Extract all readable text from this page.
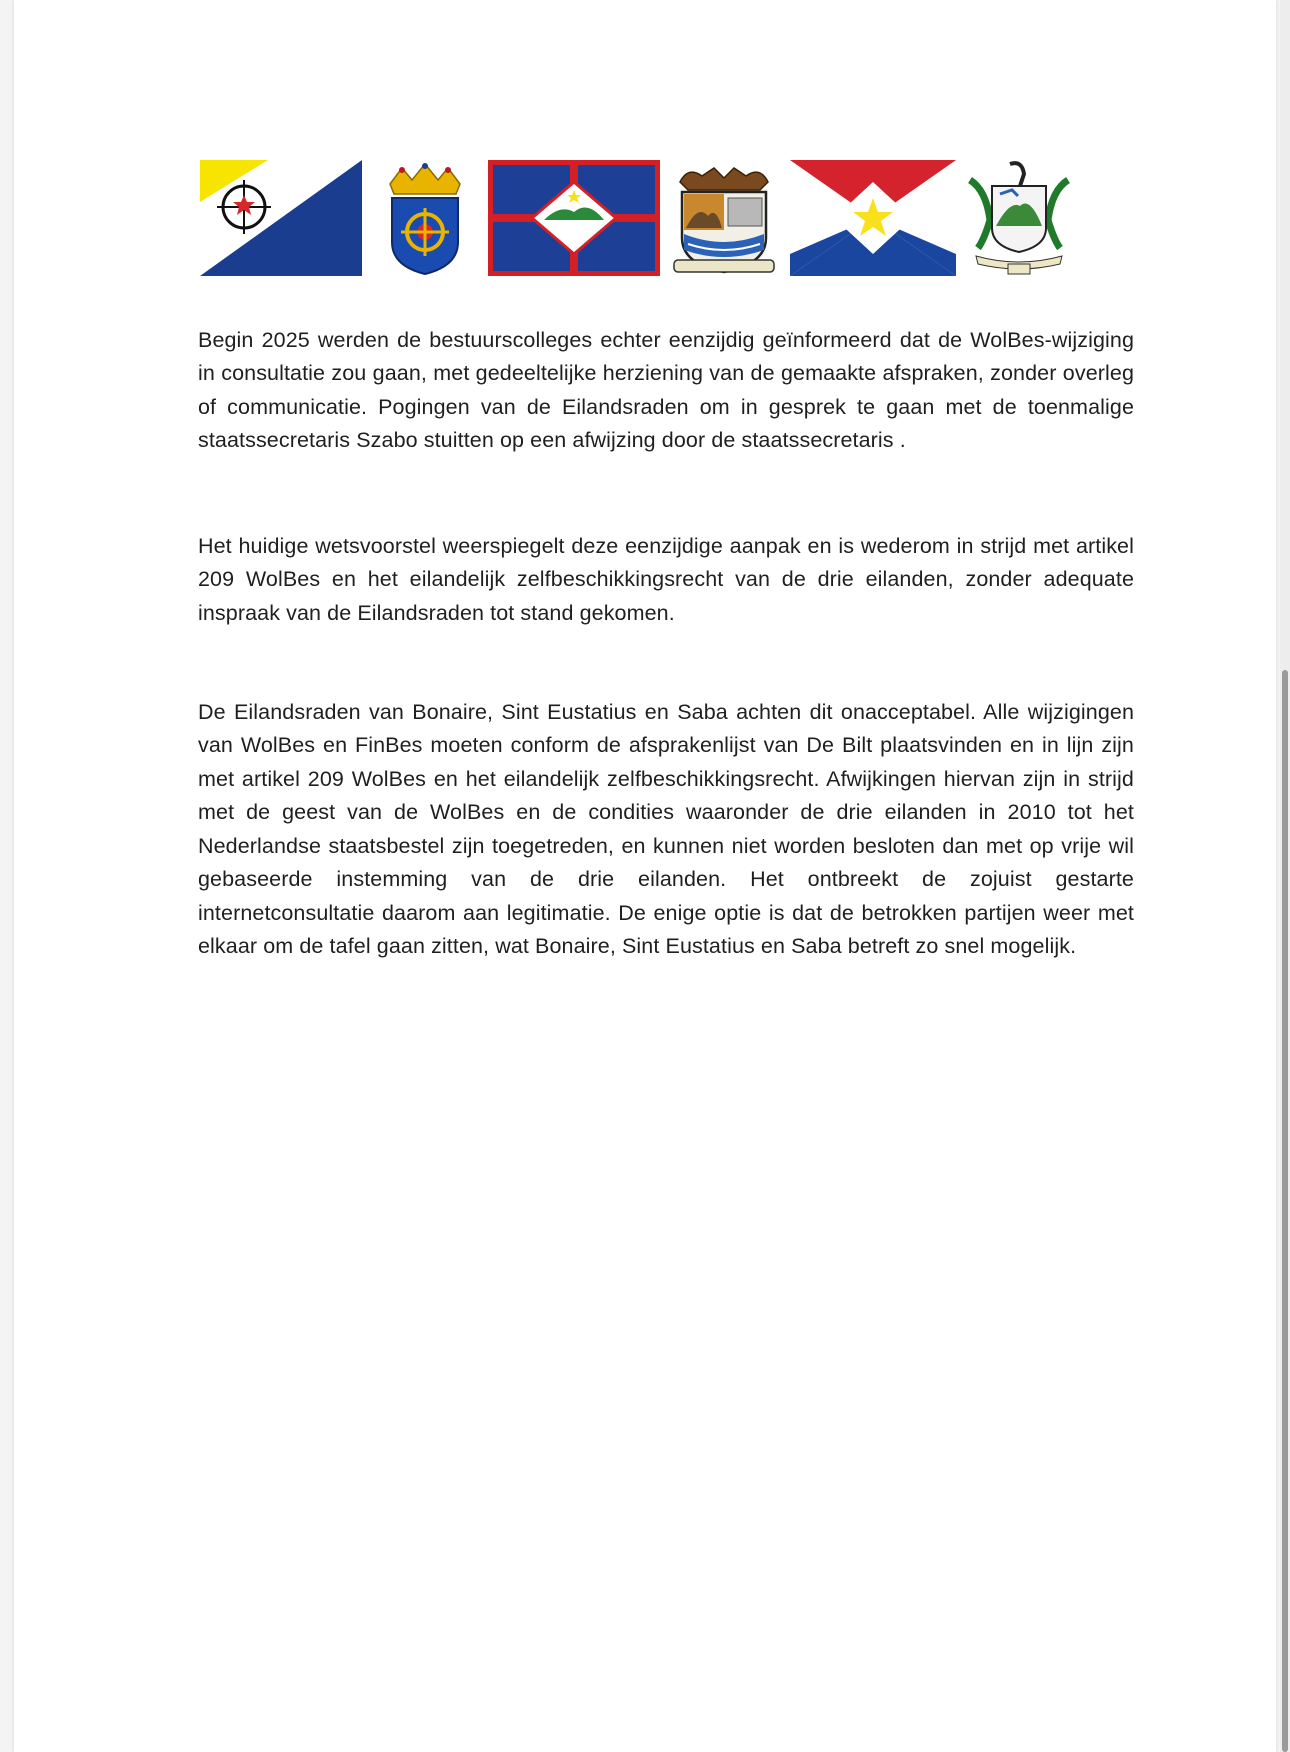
Begin 2025 werden de bestuurscolleges echter eenzijdig geïnformeerd dat de WolBes-wijziging in consultatie zou gaan, met gedeeltelijke herziening van de gemaakte afspraken, zonder overleg of communicatie. Pogingen van de Eilandsraden om in gesprek te gaan met de toenmalige staatssecretaris Szabo stuitten op een afwijzing door de staatssecretaris .

Het huidige wetsvoorstel weerspiegelt deze eenzijdige aanpak en is wederom in strijd met artikel 209 WolBes en het eilandelijk zelfbeschikkingsrecht van de drie eilanden, zonder adequate inspraak van de Eilandsraden tot stand gekomen.

De Eilandsraden van Bonaire, Sint Eustatius en Saba achten dit onacceptabel. Alle wijzigingen van WolBes en FinBes moeten conform de afsprakenlijst van De Bilt plaatsvinden en in lijn zijn met artikel 209 WolBes en het eilandelijk zelfbeschikkingsrecht. Afwijkingen hiervan zijn in strijd met de geest van de WolBes en de condities waaronder de drie eilanden in 2010 tot het Nederlandse staatsbestel zijn toegetreden, en kunnen niet worden besloten dan met op vrije wil gebaseerde instemming van de drie eilanden. Het ontbreekt de zojuist gestarte internetconsultatie daarom aan legitimatie. De enige optie is dat de betrokken partijen weer met elkaar om de tafel gaan zitten, wat Bonaire, Sint Eustatius en Saba betreft zo snel mogelijk.
